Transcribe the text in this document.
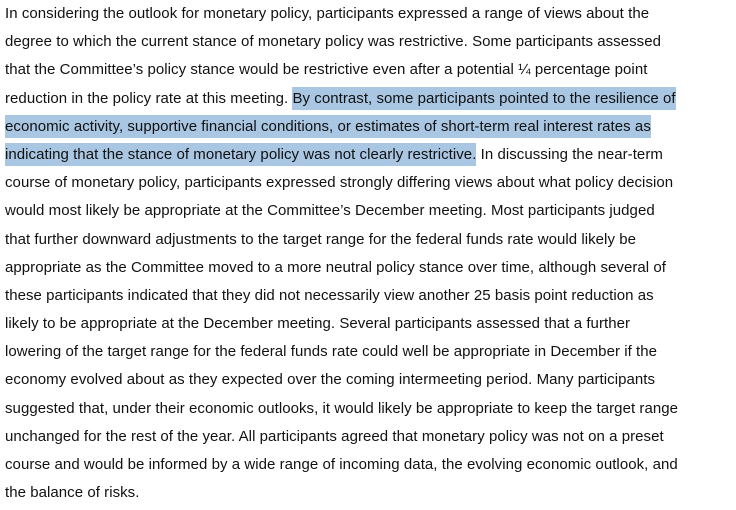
In considering the outlook for monetary policy, participants expressed a range of views about the
degree to which the current stance of monetary policy was restrictive. Some participants assessed
that the Committee’s policy stance would be restrictive even after a potential ¼ percentage point
reduction in the policy rate at this meeting. By contrast, some participants pointed to the resilience of
economic activity, supportive financial conditions, or estimates of short-term real interest rates as
indicating that the stance of monetary policy was not clearly restrictive. In discussing the near-term
course of monetary policy, participants expressed strongly differing views about what policy decision
would most likely be appropriate at the Committee’s December meeting. Most participants judged
that further downward adjustments to the target range for the federal funds rate would likely be
appropriate as the Committee moved to a more neutral policy stance over time, although several of
these participants indicated that they did not necessarily view another 25 basis point reduction as
likely to be appropriate at the December meeting. Several participants assessed that a further
lowering of the target range for the federal funds rate could well be appropriate in December if the
economy evolved about as they expected over the coming intermeeting period. Many participants
suggested that, under their economic outlooks, it would likely be appropriate to keep the target range
unchanged for the rest of the year. All participants agreed that monetary policy was not on a preset
course and would be informed by a wide range of incoming data, the evolving economic outlook, and
the balance of risks.
